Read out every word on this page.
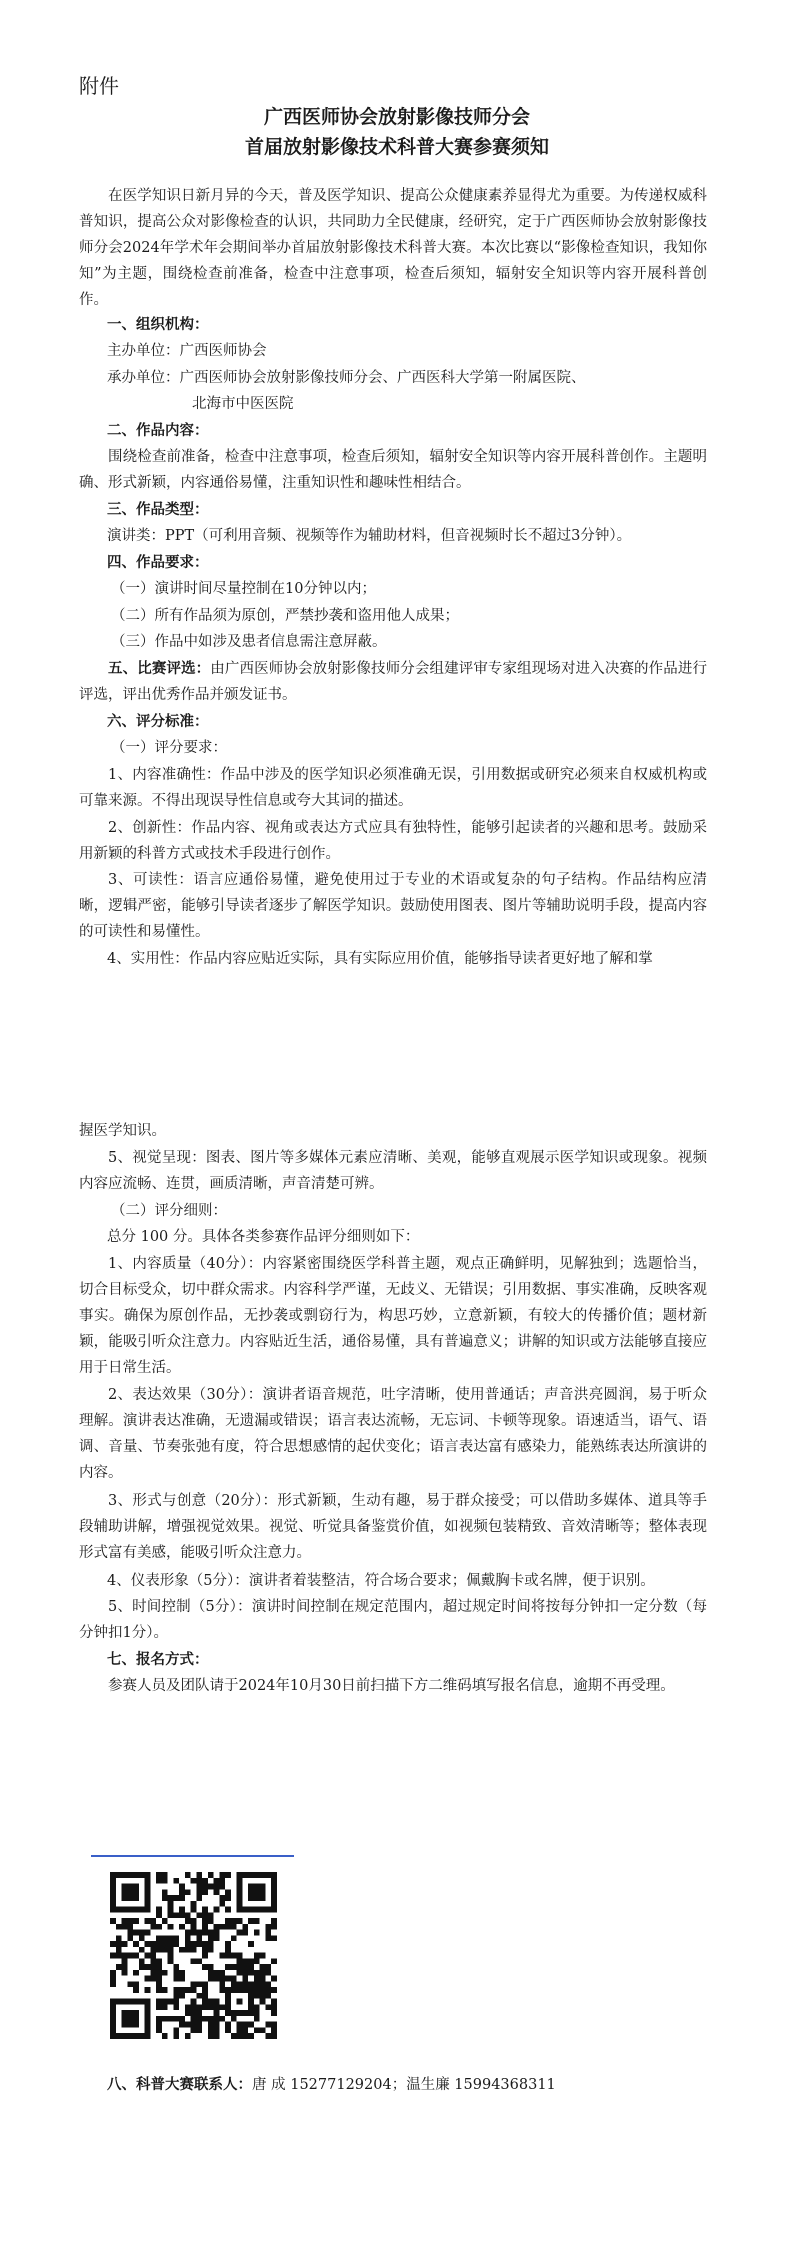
附件
广西医师协会放射影像技师分会
首届放射影像技术科普大赛参赛须知
在医学知识日新月异的今天，普及医学知识、提高公众健康素养显得尤为重要。为传递权威科普知识，提高公众对影像检查的认识，共同助力全民健康，经研究，定于广西医师协会放射影像技师分会2024年学术年会期间举办首届放射影像技术科普大赛。本次比赛以“影像检查知识，我知你知”为主题，围绕检查前准备，检查中注意事项，检查后须知，辐射安全知识等内容开展科普创作。
一、组织机构：
主办单位：广西医师协会
承办单位：广西医师协会放射影像技师分会、广西医科大学第一附属医院、
北海市中医医院
二、作品内容：
围绕检查前准备，检查中注意事项，检查后须知，辐射安全知识等内容开展科普创作。主题明确、形式新颖，内容通俗易懂，注重知识性和趣味性相结合。
三、作品类型：
演讲类：PPT（可利用音频、视频等作为辅助材料，但音视频时长不超过3分钟）。
四、作品要求：
（一）演讲时间尽量控制在10分钟以内；
（二）所有作品须为原创，严禁抄袭和盗用他人成果；
（三）作品中如涉及患者信息需注意屏蔽。
五、比赛评选：由广西医师协会放射影像技师分会组建评审专家组现场对进入决赛的作品进行评选，评出优秀作品并颁发证书。
六、评分标准：
（一）评分要求：
1、内容准确性：作品中涉及的医学知识必须准确无误，引用数据或研究必须来自权威机构或可靠来源。不得出现误导性信息或夸大其词的描述。
2、创新性：作品内容、视角或表达方式应具有独特性，能够引起读者的兴趣和思考。鼓励采用新颖的科普方式或技术手段进行创作。
3、可读性：语言应通俗易懂，避免使用过于专业的术语或复杂的句子结构。作品结构应清晰，逻辑严密，能够引导读者逐步了解医学知识。鼓励使用图表、图片等辅助说明手段，提高内容的可读性和易懂性。
4、实用性：作品内容应贴近实际，具有实际应用价值，能够指导读者更好地了解和掌
握医学知识。
5、视觉呈现：图表、图片等多媒体元素应清晰、美观，能够直观展示医学知识或现象。视频内容应流畅、连贯，画质清晰，声音清楚可辨。
（二）评分细则：
总分 100 分。具体各类参赛作品评分细则如下：
1、内容质量（40分）：内容紧密围绕医学科普主题，观点正确鲜明，见解独到；选题恰当，切合目标受众，切中群众需求。内容科学严谨，无歧义、无错误；引用数据、事实准确，反映客观事实。确保为原创作品，无抄袭或剽窃行为，构思巧妙，立意新颖，有较大的传播价值；题材新颖，能吸引听众注意力。内容贴近生活，通俗易懂，具有普遍意义；讲解的知识或方法能够直接应用于日常生活。
2、表达效果（30分）：演讲者语音规范，吐字清晰，使用普通话；声音洪亮圆润，易于听众理解。演讲表达准确，无遗漏或错误；语言表达流畅，无忘词、卡顿等现象。语速适当，语气、语调、音量、节奏张弛有度，符合思想感情的起伏变化；语言表达富有感染力，能熟练表达所演讲的内容。
3、形式与创意（20分）：形式新颖，生动有趣，易于群众接受；可以借助多媒体、道具等手段辅助讲解，增强视觉效果。视觉、听觉具备鉴赏价值，如视频包装精致、音效清晰等；整体表现形式富有美感，能吸引听众注意力。
4、仪表形象（5分）：演讲者着装整洁，符合场合要求；佩戴胸卡或名牌，便于识别。
5、时间控制（5分）：演讲时间控制在规定范围内，超过规定时间将按每分钟扣一定分数（每分钟扣1分）。
七、报名方式：
参赛人员及团队请于2024年10月30日前扫描下方二维码填写报名信息，逾期不再受理。
八、科普大赛联系人：唐 成 15277129204；温生廉 15994368311
